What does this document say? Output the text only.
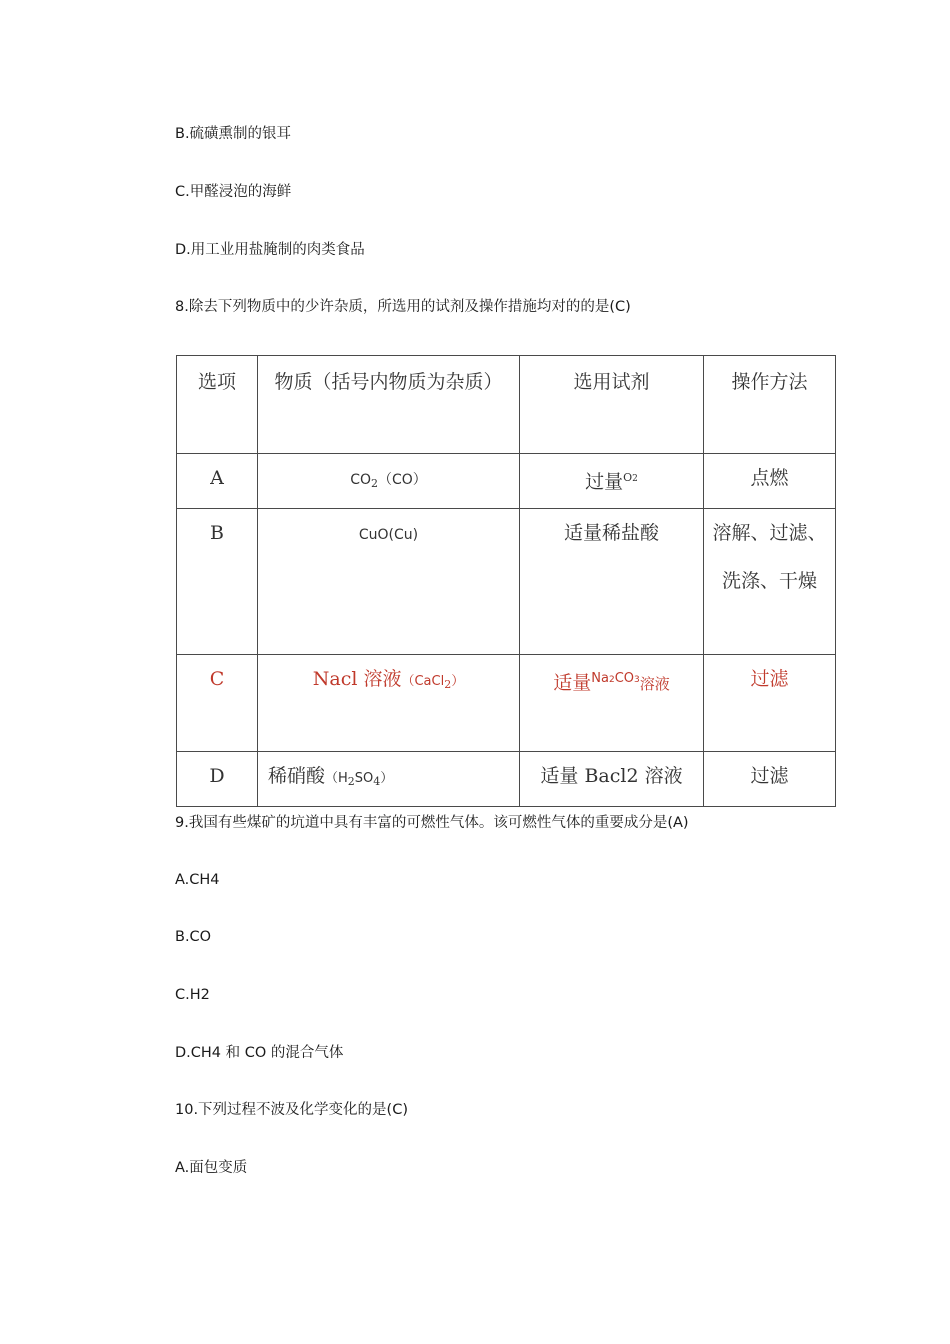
B.硫磺熏制的银耳
C.甲醛浸泡的海鲜
D.用工业用盐腌制的肉类食品
8.除去下列物质中的少许杂质，所选用的试剂及操作措施均对的的是(C)
选项	物质（括号内物质为杂质）	选用试剂	操作方法
A	$CO_2(CO)$	过量$^{O2}$	点燃
B	CuO(Cu)	适量稀盐酸	溶解、过滤、洗涤、干燥
C	Nacl 溶液（CaCl$_2$）	适量$^{Na2CO3}$溶液	过滤
D	稀硝酸$(H_2SO_4)$	适量 Bacl2 溶液	过滤
9.我国有些煤矿的坑道中具有丰富的可燃性气体。该可燃性气体的重要成分是(A)
A.CH4
B.CO
C.H2
D.CH4 和 CO 的混合气体
10.下列过程不波及化学变化的是(C)
A.面包变质
